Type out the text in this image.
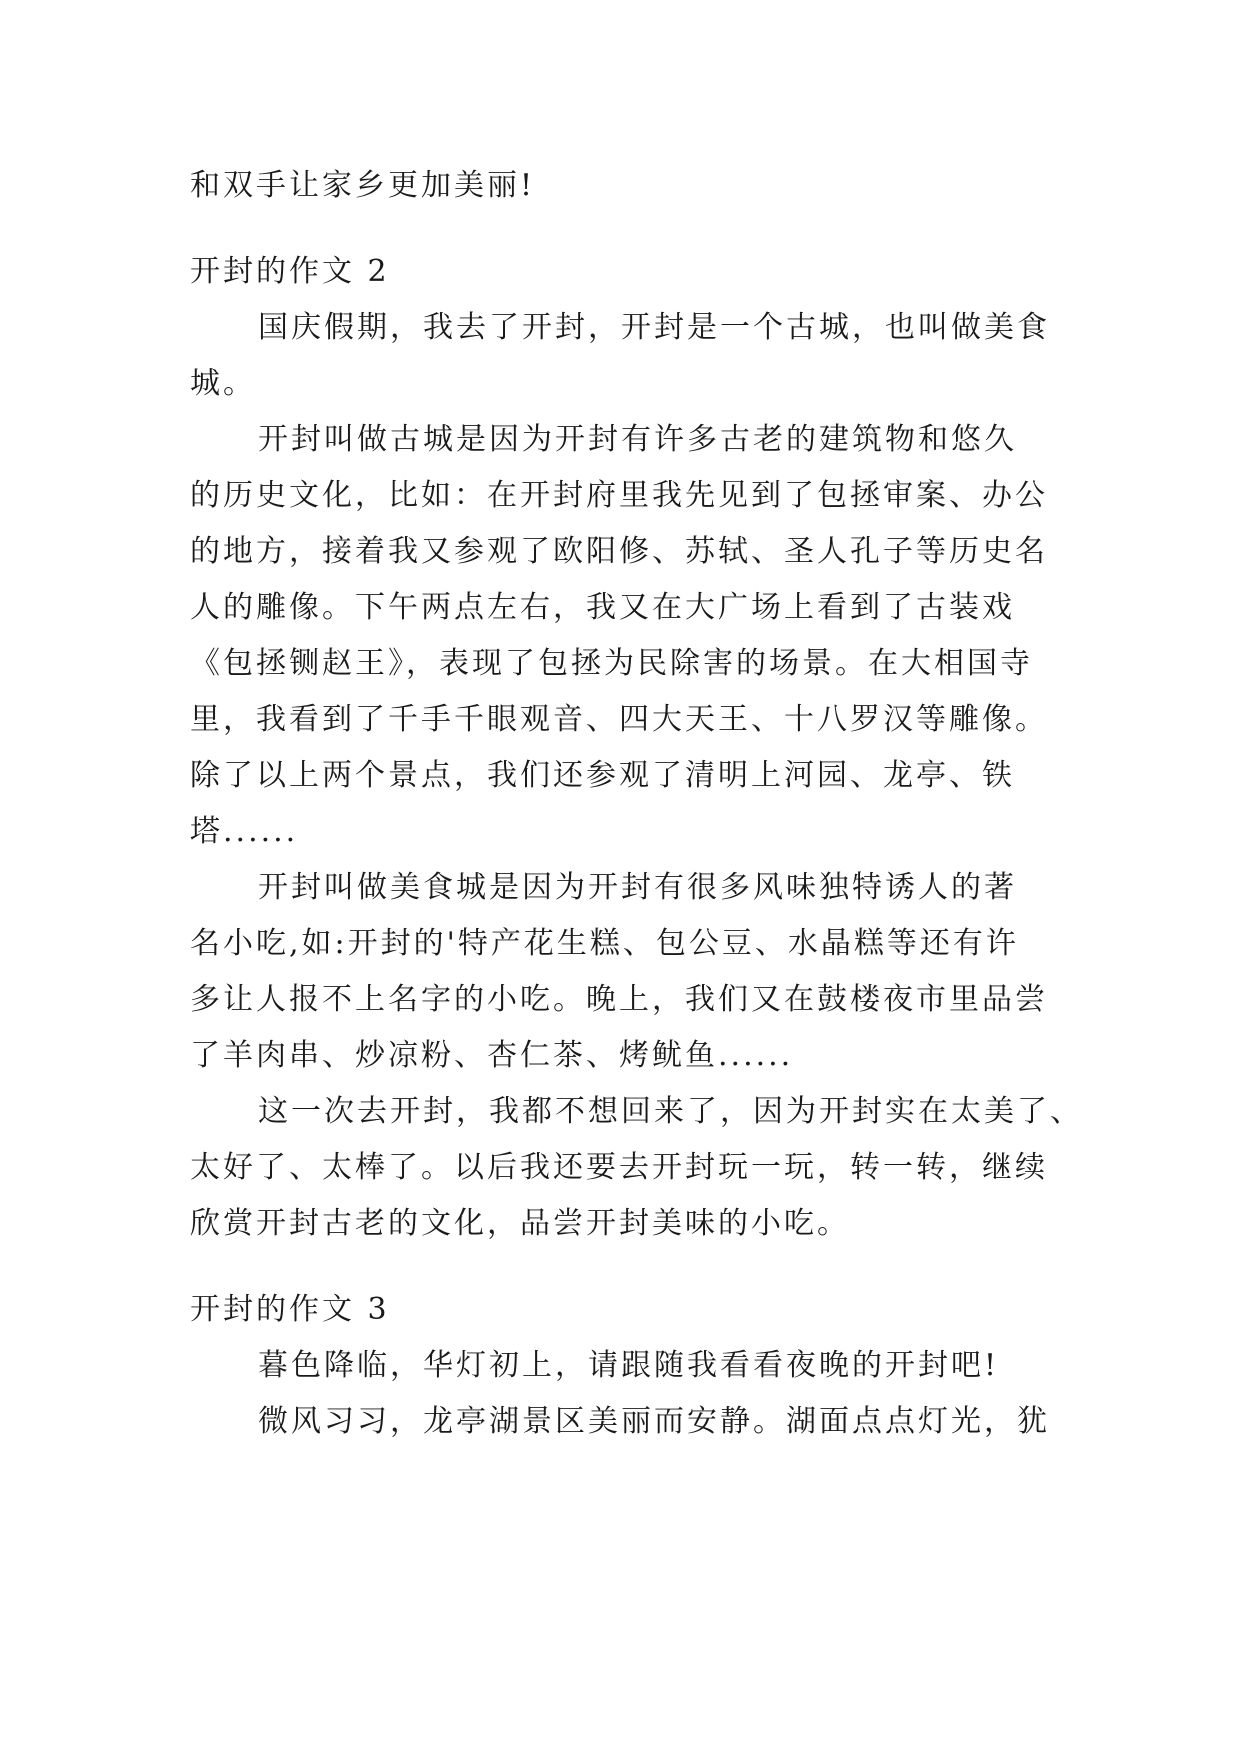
和双手让家乡更加美丽!
开封的作文 2
国庆假期，我去了开封，开封是一个古城，也叫做美食
城。
开封叫做古城是因为开封有许多古老的建筑物和悠久
的历史文化，比如：在开封府里我先见到了包拯审案、办公
的地方，接着我又参观了欧阳修、苏轼、圣人孔子等历史名
人的雕像。下午两点左右，我又在大广场上看到了古装戏
《包拯铡赵王》，表现了包拯为民除害的场景。在大相国寺
里，我看到了千手千眼观音、四大天王、十八罗汉等雕像。
除了以上两个景点，我们还参观了清明上河园、龙亭、铁
塔......
开封叫做美食城是因为开封有很多风味独特诱人的著
名小吃,如:开封的'特产花生糕、包公豆、水晶糕等还有许
多让人报不上名字的小吃。晚上，我们又在鼓楼夜市里品尝
了羊肉串、炒凉粉、杏仁茶、烤鱿鱼......
这一次去开封，我都不想回来了，因为开封实在太美了、
太好了、太棒了。以后我还要去开封玩一玩，转一转，继续
欣赏开封古老的文化，品尝开封美味的小吃。
开封的作文 3
暮色降临，华灯初上，请跟随我看看夜晚的开封吧!
微风习习，龙亭湖景区美丽而安静。湖面点点灯光，犹
